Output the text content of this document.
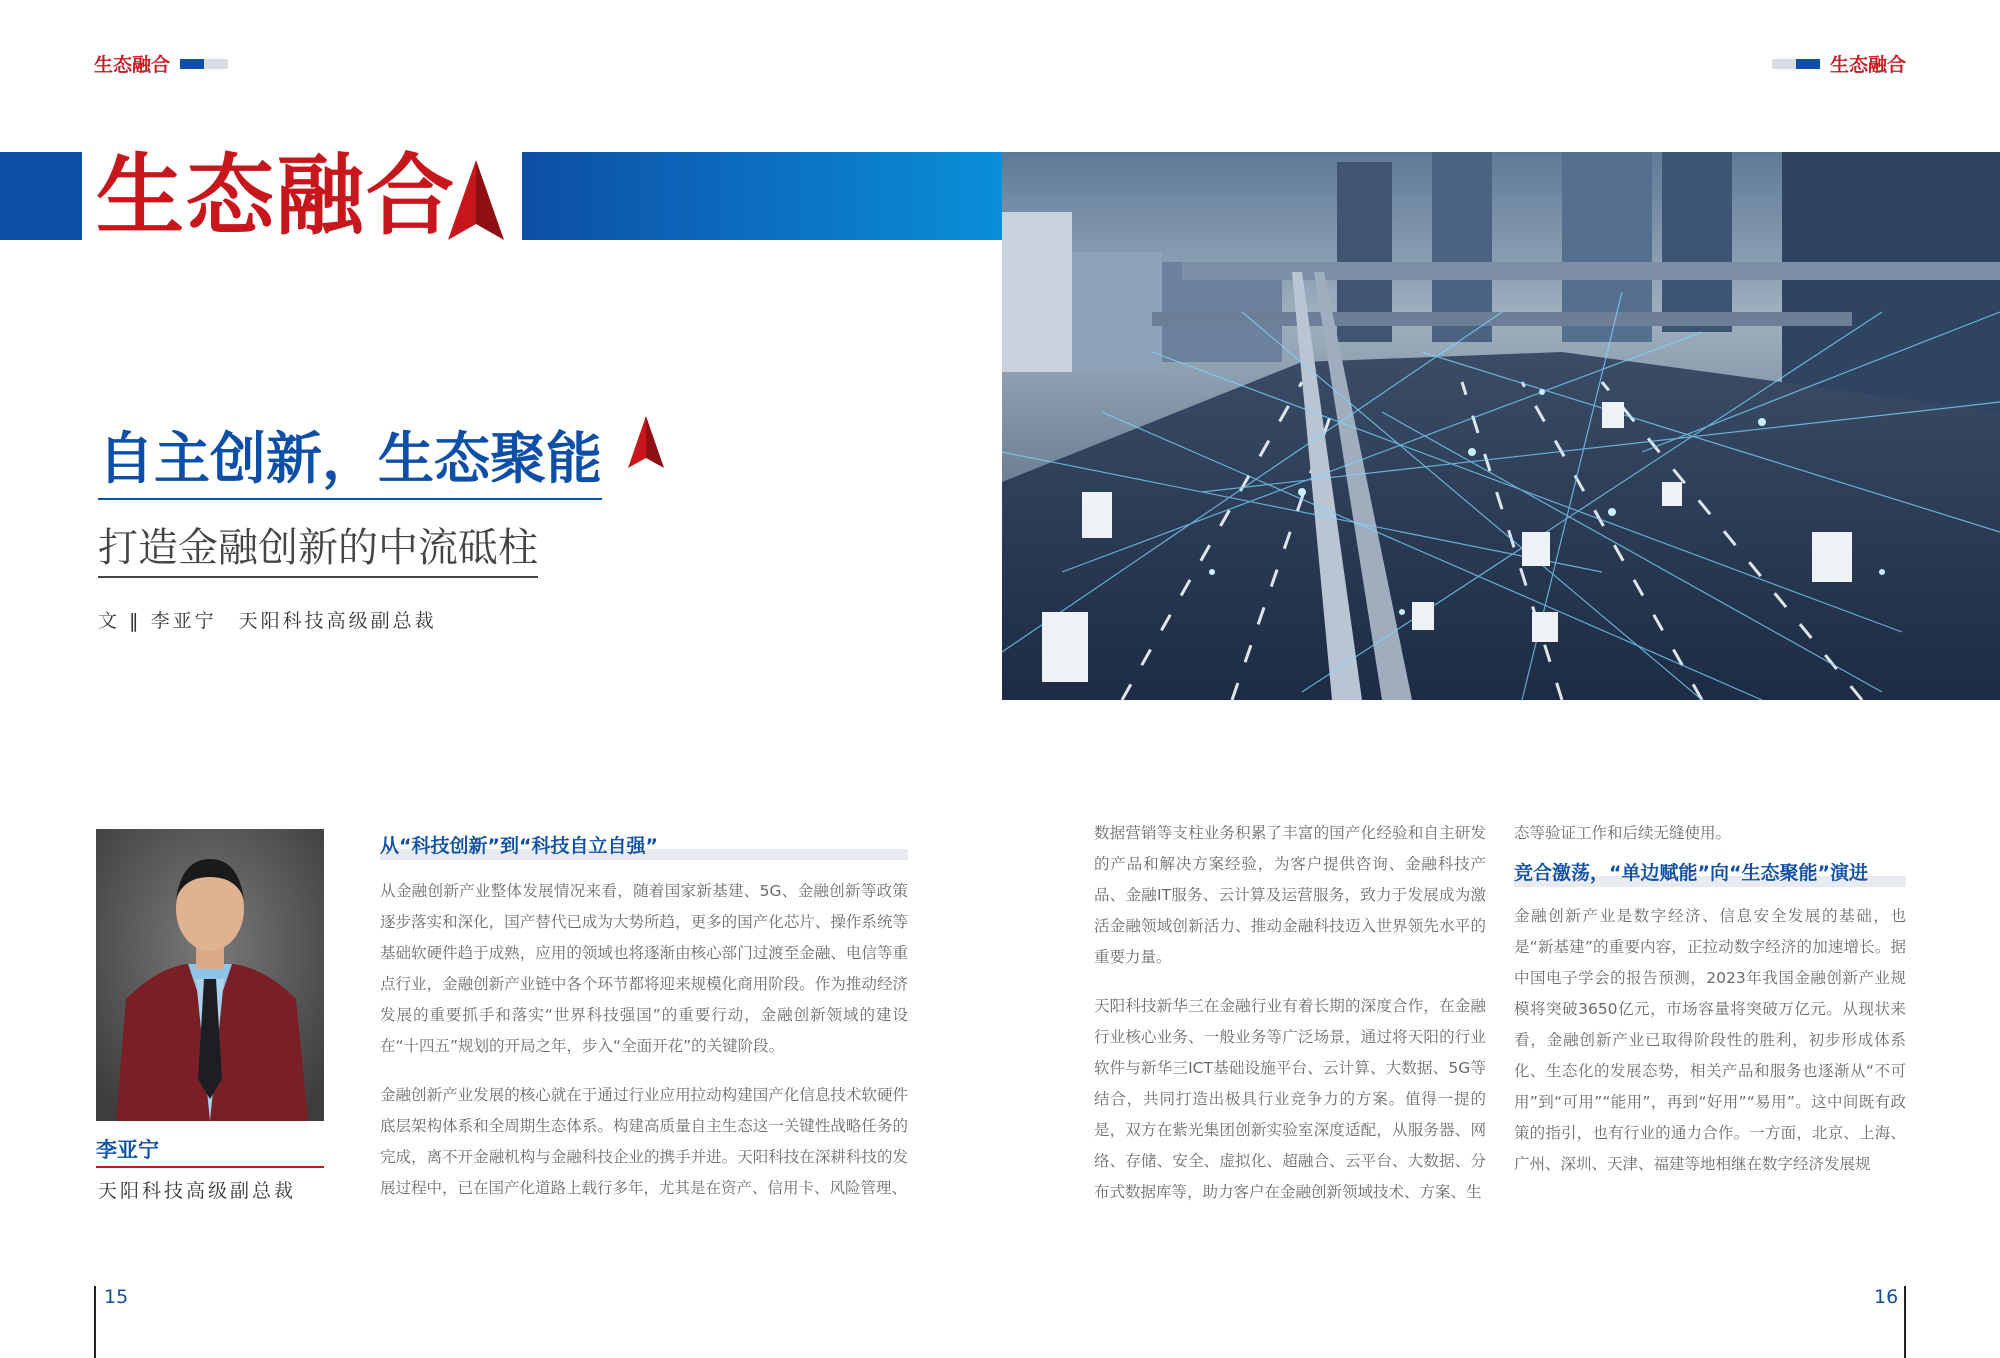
生态融合	生态融合
生态融合
自主创新，生态聚能
打造金融创新的中流砥柱
文 ‖ 李亚宁　天阳科技高级副总裁
李亚宁
天阳科技高级副总裁
从“科技创新”到“科技自立自强”

从金融创新产业整体发展情况来看，随着国家新基建、5G、金融创新等政策逐步落实和深化，国产替代已成为大势所趋，更多的国产化芯片、操作系统等基础软硬件趋于成熟，应用的领域也将逐渐由核心部门过渡至金融、电信等重点行业，金融创新产业链中各个环节都将迎来规模化商用阶段。作为推动经济发展的重要抓手和落实“世界科技强国”的重要行动，金融创新领域的建设在“十四五”规划的开局之年，步入“全面开花”的关键阶段。

金融创新产业发展的核心就在于通过行业应用拉动构建国产化信息技术软硬件底层架构体系和全周期生态体系。构建高质量自主生态这一关键性战略任务的完成，离不开金融机构与金融科技企业的携手并进。天阳科技在深耕科技的发展过程中，已在国产化道路上载行多年，尤其是在资产、信用卡、风险管理、

数据营销等支柱业务积累了丰富的国产化经验和自主研发的产品和解决方案经验，为客户提供咨询、金融科技产品、金融IT服务、云计算及运营服务，致力于发展成为激活金融领域创新活力、推动金融科技迈入世界领先水平的重要力量。

天阳科技新华三在金融行业有着长期的深度合作，在金融行业核心业务、一般业务等广泛场景，通过将天阳的行业软件与新华三ICT基础设施平台、云计算、大数据、5G等结合，共同打造出极具行业竞争力的方案。值得一提的是，双方在紫光集团创新实验室深度适配，从服务器、网络、存储、安全、虚拟化、超融合、云平台、大数据、分布式数据库等，助力客户在金融创新领域技术、方案、生

态等验证工作和后续无缝使用。

竞合激荡，“单边赋能”向“生态聚能”演进

金融创新产业是数字经济、信息安全发展的基础，也是“新基建”的重要内容，正拉动数字经济的加速增长。据中国电子学会的报告预测，2023年我国金融创新产业规模将突破3650亿元，市场容量将突破万亿元。从现状来看，金融创新产业已取得阶段性的胜利，初步形成体系化、生态化的发展态势，相关产品和服务也逐渐从“不可用”到“可用”“能用”，再到“好用”“易用”。这中间既有政策的指引，也有行业的通力合作。一方面，北京、上海、广州、深圳、天津、福建等地相继在数字经济发展规

15	16
